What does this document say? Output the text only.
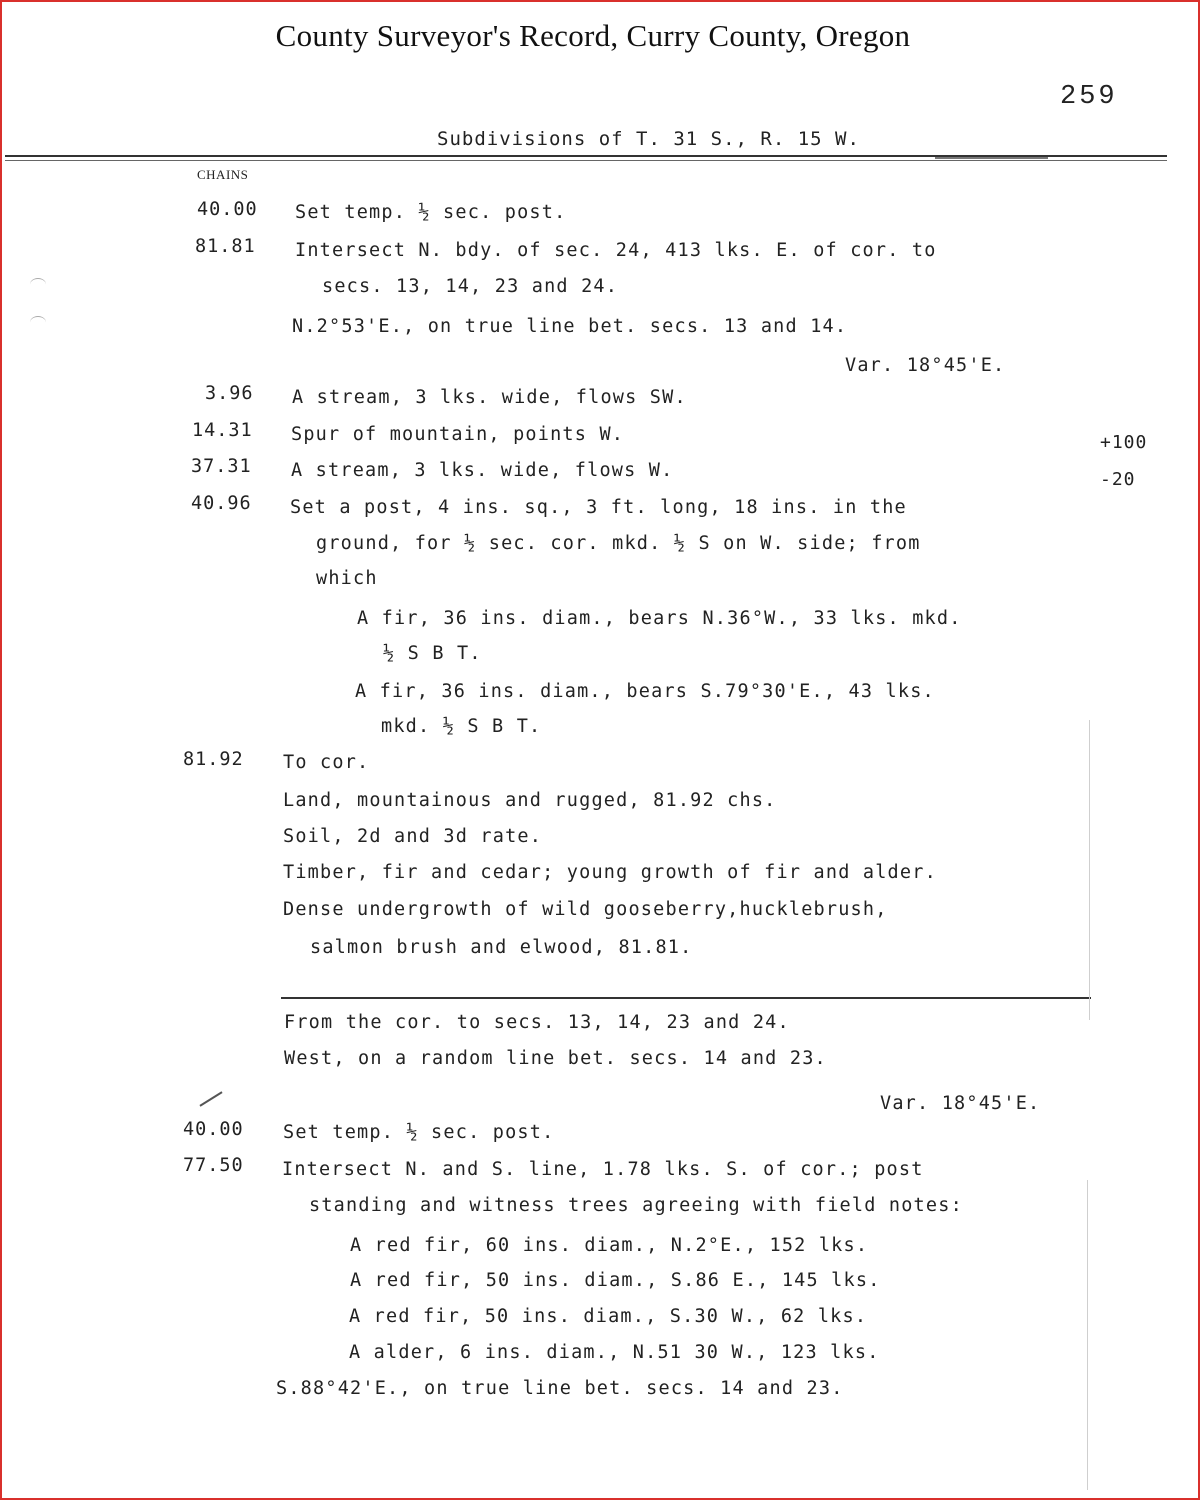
County Surveyor's Record, Curry County, Oregon
259
Subdivisions of T. 31 S., R. 15 W.
CHAINS
40.00 Set temp. ½ sec. post.
81.81 Intersect N. bdy. of sec. 24, 413 lks. E. of cor. to
secs. 13, 14, 23 and 24.
N.2°53'E., on true line bet. secs. 13 and 14.
Var. 18°45'E.
3.96 A stream, 3 lks. wide, flows SW.
14.31 Spur of mountain, points W.	+100
37.31 A stream, 3 lks. wide, flows W.	-20
40.96 Set a post, 4 ins. sq., 3 ft. long, 18 ins. in the
ground, for ½ sec. cor. mkd. ½ S on W. side; from
which
A fir, 36 ins. diam., bears N.36°W., 33 lks. mkd.
½ S B T.
A fir, 36 ins. diam., bears S.79°30'E., 43 lks.
mkd. ½ S B T.
81.92 To cor.
Land, mountainous and rugged, 81.92 chs.
Soil, 2d and 3d rate.
Timber, fir and cedar; young growth of fir and alder.
Dense undergrowth of wild gooseberry,hucklebrush,
salmon brush and elwood, 81.81.
From the cor. to secs. 13, 14, 23 and 24.
West, on a random line bet. secs. 14 and 23.
Var. 18°45'E.
40.00 Set temp. ½ sec. post.
77.50 Intersect N. and S. line, 1.78 lks. S. of cor.; post
standing and witness trees agreeing with field notes:
A red fir, 60 ins. diam., N.2°E., 152 lks.
A red fir, 50 ins. diam., S.86 E., 145 lks.
A red fir, 50 ins. diam., S.30 W., 62 lks.
A alder, 6 ins. diam., N.51 30 W., 123 lks.
S.88°42'E., on true line bet. secs. 14 and 23.
